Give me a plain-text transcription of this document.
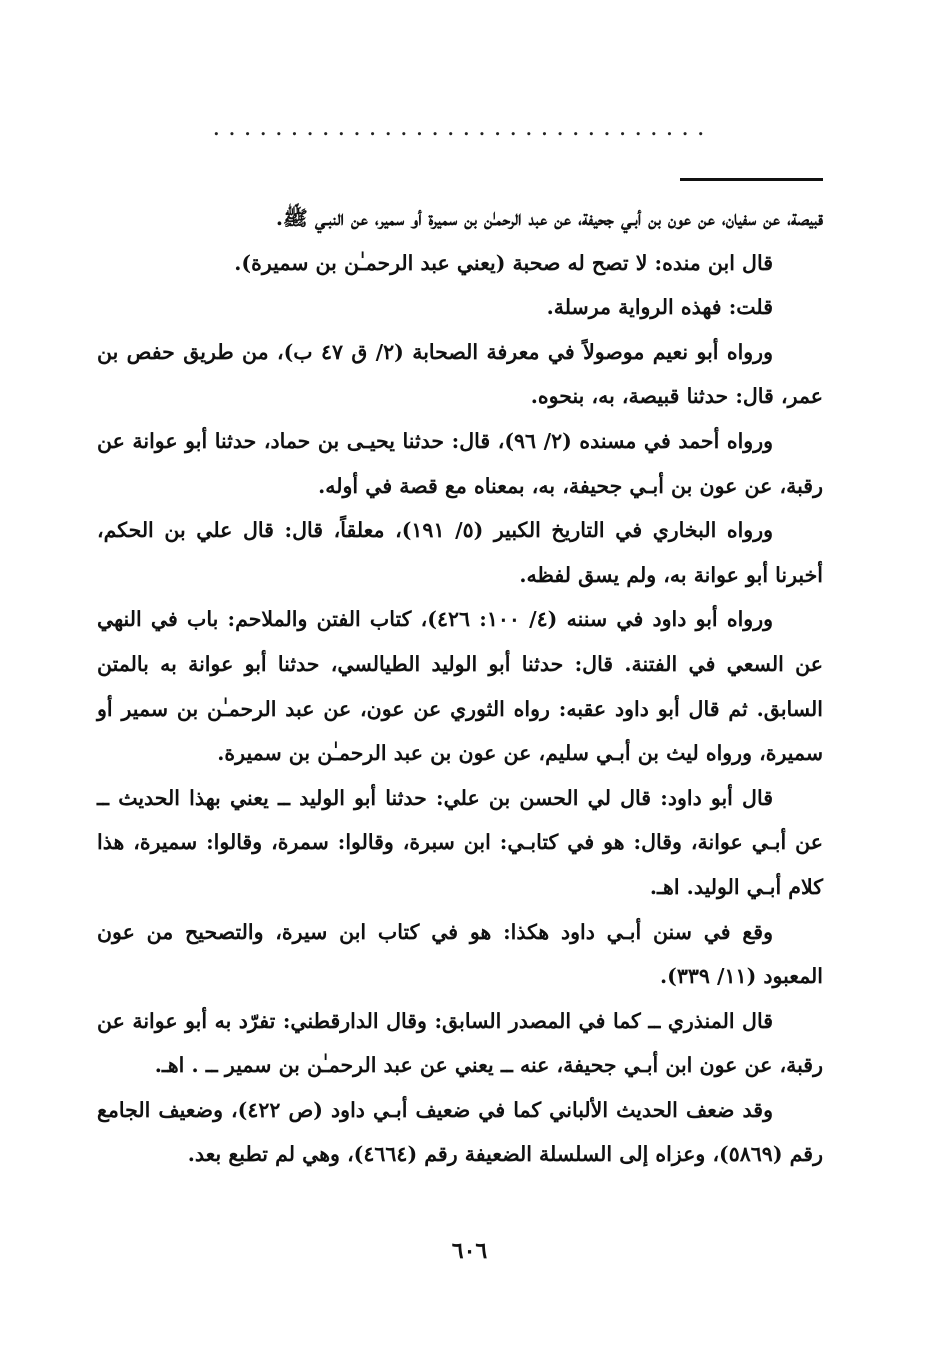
................................

قبيصة، عن سفيان، عن عون بن أبـي جحيفة، عن عبد الرحمـٰن بن سميرة أو سمير، عن النبـي ﷺ.

قال ابن منده: لا تصح له صحبة (يعني عبد الرحمـٰن بن سميرة).

قلت: فهذه الرواية مرسلة.

ورواه أبو نعيم موصولاً في معرفة الصحابة (٢/ ق ٤٧ ب)، من طريق حفص بن عمر، قال: حدثنا قبيصة، به، بنحوه.

ورواه أحمد في مسنده (٢/ ٩٦)، قال: حدثنا يحيـى بن حماد، حدثنا أبو عوانة عن رقبة، عن عون بن أبـي جحيفة، به، بمعناه مع قصة في أوله.

ورواه البخاري في التاريخ الكبير (٥/ ١٩١)، معلقاً، قال: قال علي بن الحكم، أخبرنا أبو عوانة به، ولم يسق لفظه.

ورواه أبو داود في سننه (٤/ ١٠٠: ٤٢٦)، كتاب الفتن والملاحم: باب في النهي عن السعي في الفتنة. قال: حدثنا أبو الوليد الطيالسي، حدثنا أبو عوانة به بالمتن السابق. ثم قال أبو داود عقبه: رواه الثوري عن عون، عن عبد الرحمـٰن بن سمير أو سميرة، ورواه ليث بن أبـي سليم، عن عون بن عبد الرحمـٰن بن سميرة.

قال أبو داود: قال لي الحسن بن علي: حدثنا أبو الوليد ــ يعني بهذا الحديث ــ عن أبـي عوانة، وقال: هو في كتابـي: ابن سبرة، وقالوا: سمرة، وقالوا: سميرة، هذا كلام أبـي الوليد. اهـ.

وقع في سنن أبـي داود هكذا: هو في كتاب ابن سيرة، والتصحيح من عون المعبود (١١/ ٣٣٩).

قال المنذري ــ كما في المصدر السابق: وقال الدارقطني: تفرّد به أبو عوانة عن رقبة، عن عون ابن أبـي جحيفة، عنه ــ يعني عن عبد الرحمـٰن بن سمير ــ . اهـ.

وقد ضعف الحديث الألباني كما في ضعيف أبـي داود (ص ٤٢٢)، وضعيف الجامع رقم (٥٨٦٩)، وعزاه إلى السلسلة الضعيفة رقم (٤٦٦٤)، وهي لم تطبع بعد.

٦٠٦
